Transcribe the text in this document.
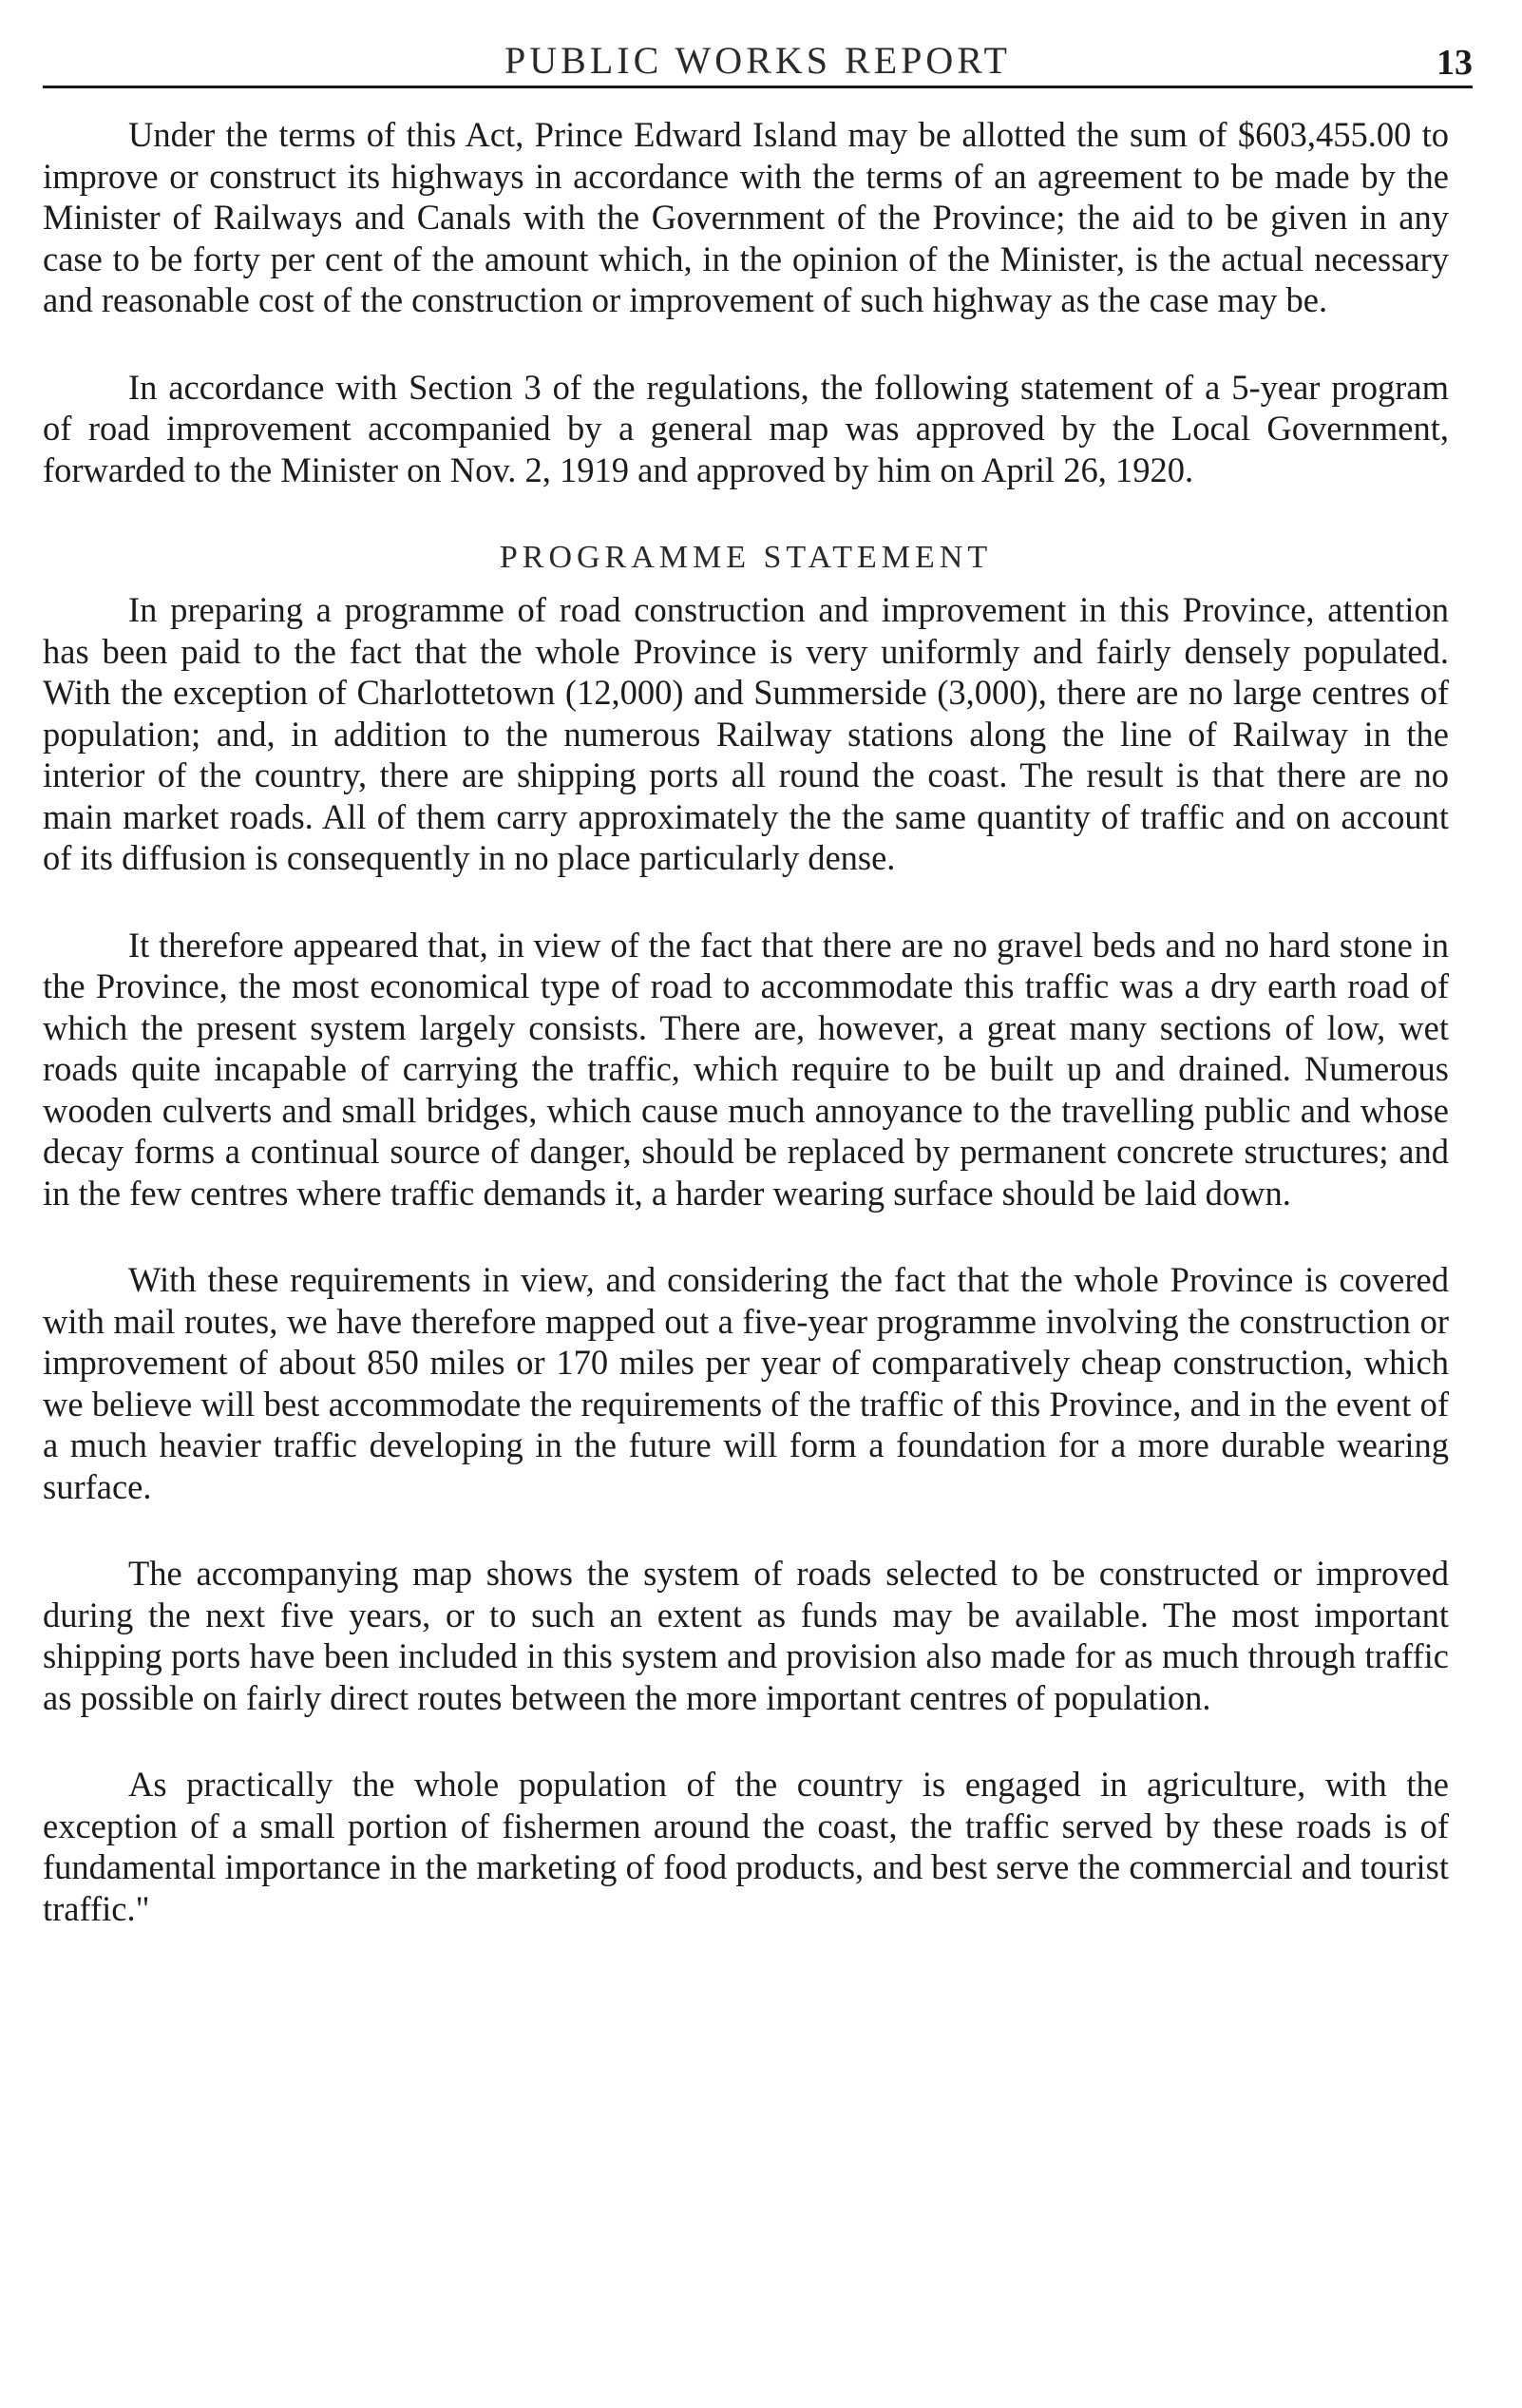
PUBLIC WORKS REPORT	13

Under the terms of this Act, Prince Edward Island may be allotted the sum of $603,455.00 to improve or construct its highways in accordance with the terms of an agreement to be made by the Minister of Railways and Canals with the Government of the Province; the aid to be given in any case to be forty per cent of the amount which, in the opinion of the Minister, is the actual necessary and reasonable cost of the construction or improvement of such highway as the case may be.

In accordance with Section 3 of the regulations, the following statement of a 5-year program of road improvement accompanied by a general map was approved by the Local Government, forwarded to the Minister on Nov. 2, 1919 and approved by him on April 26, 1920.

PROGRAMME STATEMENT

In preparing a programme of road construction and improvement in this Province, attention has been paid to the fact that the whole Province is very uniformly and fairly densely populated. With the exception of Charlottetown (12,000) and Summerside (3,000), there are no large centres of population; and, in addition to the numerous Railway stations along the line of Railway in the interior of the country, there are shipping ports all round the coast. The result is that there are no main market roads. All of them carry approximately the the same quantity of traffic and on account of its diffusion is consequently in no place particularly dense.

It therefore appeared that, in view of the fact that there are no gravel beds and no hard stone in the Province, the most economical type of road to accommodate this traffic was a dry earth road of which the present system largely consists. There are, however, a great many sections of low, wet roads quite incapable of carrying the traffic, which require to be built up and drained. Numerous wooden culverts and small bridges, which cause much annoyance to the travelling public and whose decay forms a continual source of danger, should be replaced by permanent concrete structures; and in the few centres where traffic demands it, a harder wearing surface should be laid down.

With these requirements in view, and considering the fact that the whole Province is covered with mail routes, we have therefore mapped out a five-year programme involving the construction or improvement of about 850 miles or 170 miles per year of comparatively cheap construction, which we believe will best accommodate the requirements of the traffic of this Province, and in the event of a much heavier traffic developing in the future will form a foundation for a more durable wearing surface.

The accompanying map shows the system of roads selected to be constructed or improved during the next five years, or to such an extent as funds may be available. The most important shipping ports have been included in this system and provision also made for as much through traffic as possible on fairly direct routes between the more important centres of population.

As practically the whole population of the country is engaged in agriculture, with the exception of a small portion of fishermen around the coast, the traffic served by these roads is of fundamental importance in the marketing of food products, and best serve the commercial and tourist traffic."
